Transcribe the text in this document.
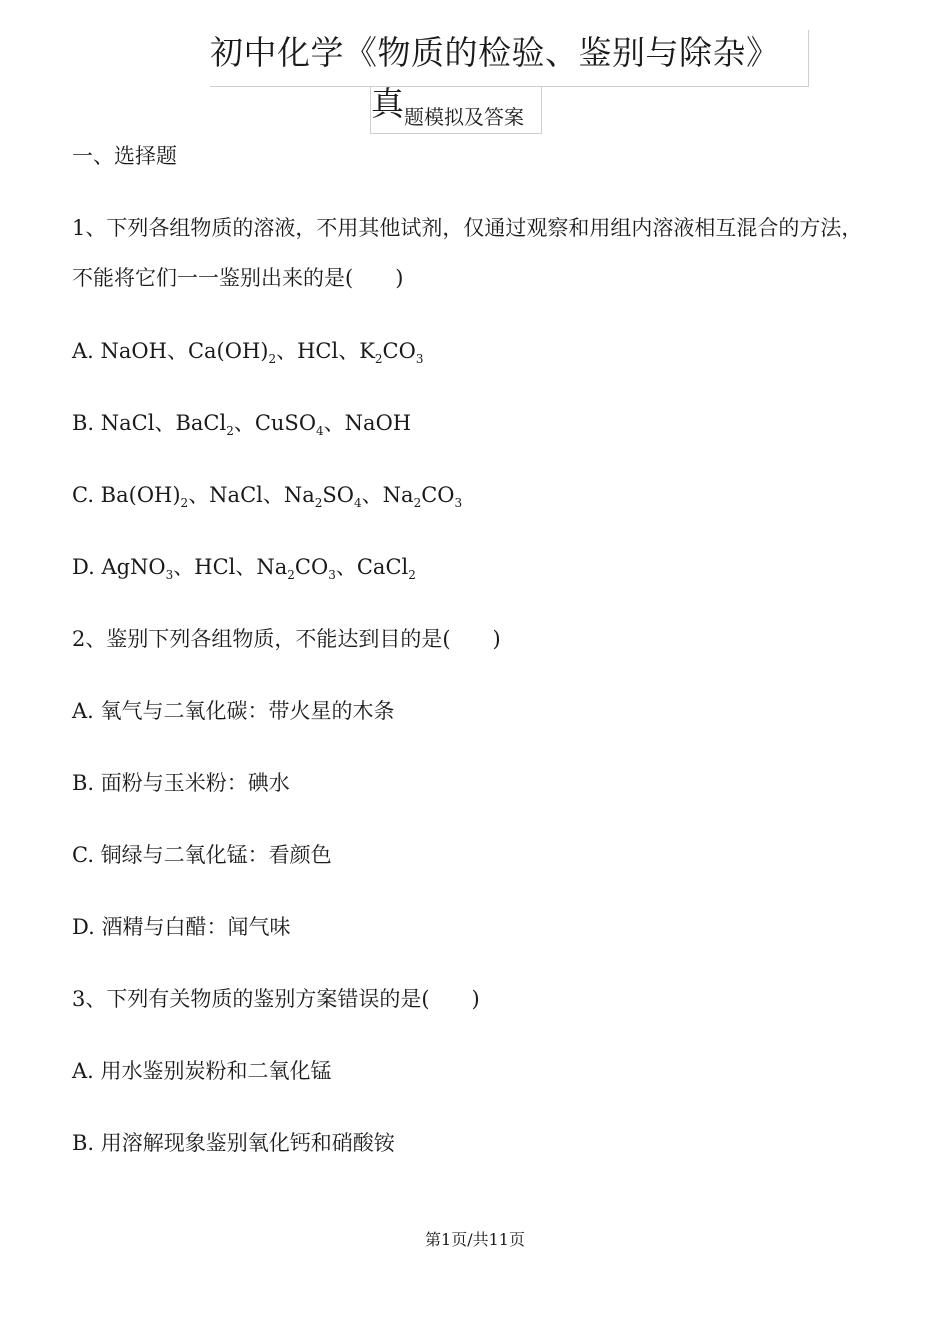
初中化学《物质的检验、鉴别与除杂》
真题模拟及答案
一、选择题
1、下列各组物质的溶液，不用其他试剂，仅通过观察和用组内溶液相互混合的方法，
不能将它们一一鉴别出来的是(　　)
A. NaOH、$Ca(OH)_2$、HCl、$K_2CO_3$
B. NaCl、BaCl$_2$、CuSO$_4$、NaOH
C. $Ba(OH)_2$、NaCl、$Na_2SO_4$、$Na_2CO_3$
D. AgNO$_3$、HCl、$Na_2CO_3$、CaCl$_2$
2、鉴别下列各组物质，不能达到目的是(　　)
A. 氧气与二氧化碳：带火星的木条
B. 面粉与玉米粉：碘水
C. 铜绿与二氧化锰：看颜色
D. 酒精与白醋：闻气味
3、下列有关物质的鉴别方案错误的是(　　)
A. 用水鉴别炭粉和二氧化锰
B. 用溶解现象鉴别氧化钙和硝酸铵
第1页/共11页
